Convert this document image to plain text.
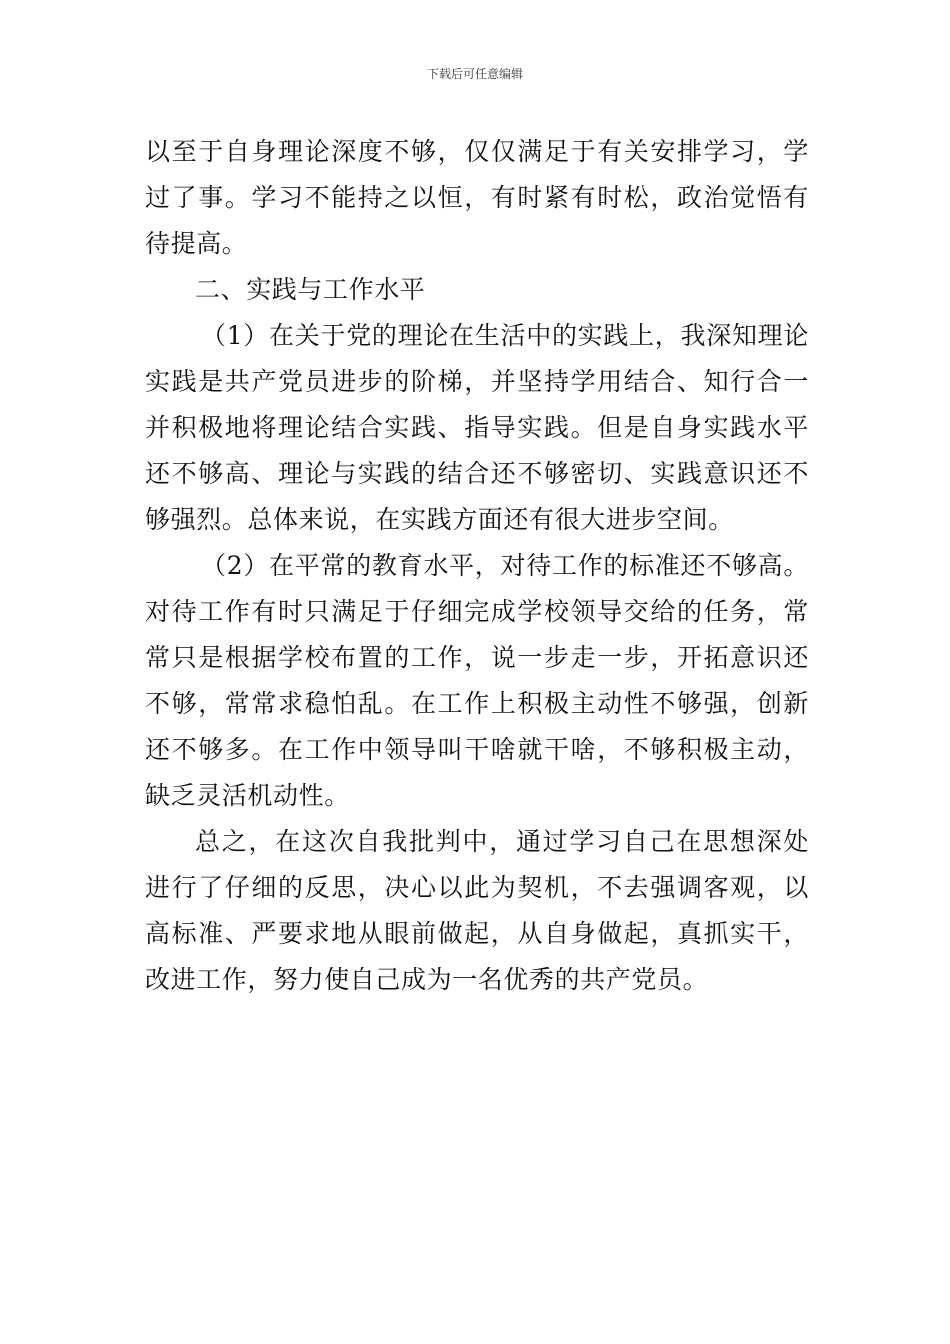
下载后可任意编辑

以至于自身理论深度不够，仅仅满足于有关安排学习，学过了事。学习不能持之以恒，有时紧有时松，政治觉悟有待提高。

二、实践与工作水平

（1）在关于党的理论在生活中的实践上，我深知理论实践是共产党员进步的阶梯，并坚持学用结合、知行合一并积极地将理论结合实践、指导实践。但是自身实践水平还不够高、理论与实践的结合还不够密切、实践意识还不够强烈。总体来说，在实践方面还有很大进步空间。

（2）在平常的教育水平，对待工作的标准还不够高。对待工作有时只满足于仔细完成学校领导交给的任务，常常只是根据学校布置的工作，说一步走一步，开拓意识还不够，常常求稳怕乱。在工作上积极主动性不够强，创新还不够多。在工作中领导叫干啥就干啥，不够积极主动，缺乏灵活机动性。

总之，在这次自我批判中，通过学习自己在思想深处进行了仔细的反思，决心以此为契机，不去强调客观，以高标准、严要求地从眼前做起，从自身做起，真抓实干，改进工作，努力使自己成为一名优秀的共产党员。
